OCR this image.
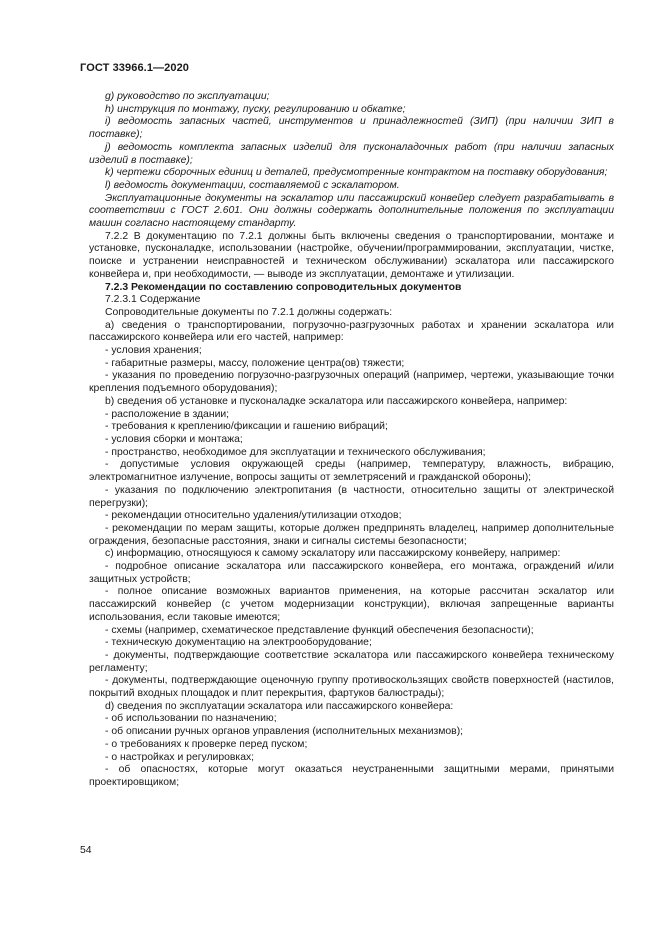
ГОСТ 33966.1—2020

g) руководство по эксплуатации;

h) инструкция по монтажу, пуску, регулированию и обкатке;

i) ведомость запасных частей, инструментов и принадлежностей (ЗИП) (при наличии ЗИП в поставке);

j) ведомость комплекта запасных изделий для пусконаладочных работ (при наличии запасных изделий в поставке);

k) чертежи сборочных единиц и деталей, предусмотренные контрактом на поставку оборудования;

l) ведомость документации, составляемой с эскалатором.

Эксплуатационные документы на эскалатор или пассажирский конвейер следует разрабатывать в соответствии с ГОСТ 2.601. Они должны содержать дополнительные положения по эксплуатации машин согласно настоящему стандарту.

7.2.2 В документацию по 7.2.1 должны быть включены сведения о транспортировании, монтаже и установке, пусконаладке, использовании (настройке, обучении/программировании, эксплуатации, чистке, поиске и устранении неисправностей и техническом обслуживании) эскалатора или пассажирского конвейера и, при необходимости, — выводе из эксплуатации, демонтаже и утилизации.

7.2.3 Рекомендации по составлению сопроводительных документов

7.2.3.1 Содержание

Сопроводительные документы по 7.2.1 должны содержать:

а) сведения о транспортировании, погрузочно-разгрузочных работах и хранении эскалатора или пассажирского конвейера или его частей, например:

- условия хранения;

- габаритные размеры, массу, положение центра(ов) тяжести;

- указания по проведению погрузочно-разгрузочных операций (например, чертежи, указывающие точки крепления подъемного оборудования);

b) сведения об установке и пусконаладке эскалатора или пассажирского конвейера, например:

- расположение в здании;

- требования к креплению/фиксации и гашению вибраций;

- условия сборки и монтажа;

- пространство, необходимое для эксплуатации и технического обслуживания;

- допустимые условия окружающей среды (например, температуру, влажность, вибрацию, электромагнитное излучение, вопросы защиты от землетрясений и гражданской обороны);

- указания по подключению электропитания (в частности, относительно защиты от электрической перегрузки);

- рекомендации относительно удаления/утилизации отходов;

- рекомендации по мерам защиты, которые должен предпринять владелец, например дополнительные ограждения, безопасные расстояния, знаки и сигналы системы безопасности;

с) информацию, относящуюся к самому эскалатору или пассажирскому конвейеру, например:

- подробное описание эскалатора или пассажирского конвейера, его монтажа, ограждений и/или защитных устройств;

- полное описание возможных вариантов применения, на которые рассчитан эскалатор или пассажирский конвейер (с учетом модернизации конструкции), включая запрещенные варианты использования, если таковые имеются;

- схемы (например, схематическое представление функций обеспечения безопасности);

- техническую документацию на электрооборудование;

- документы, подтверждающие соответствие эскалатора или пассажирского конвейера техническому регламенту;

- документы, подтверждающие оценочную группу противоскользящих свойств поверхностей (настилов, покрытий входных площадок и плит перекрытия, фартуков балюстрады);

d) сведения по эксплуатации эскалатора или пассажирского конвейера:

- об использовании по назначению;

- об описании ручных органов управления (исполнительных механизмов);

- о требованиях к проверке перед пуском;

- о настройках и регулировках;

- об опасностях, которые могут оказаться неустраненными защитными мерами, принятыми проектировщиком;

54
